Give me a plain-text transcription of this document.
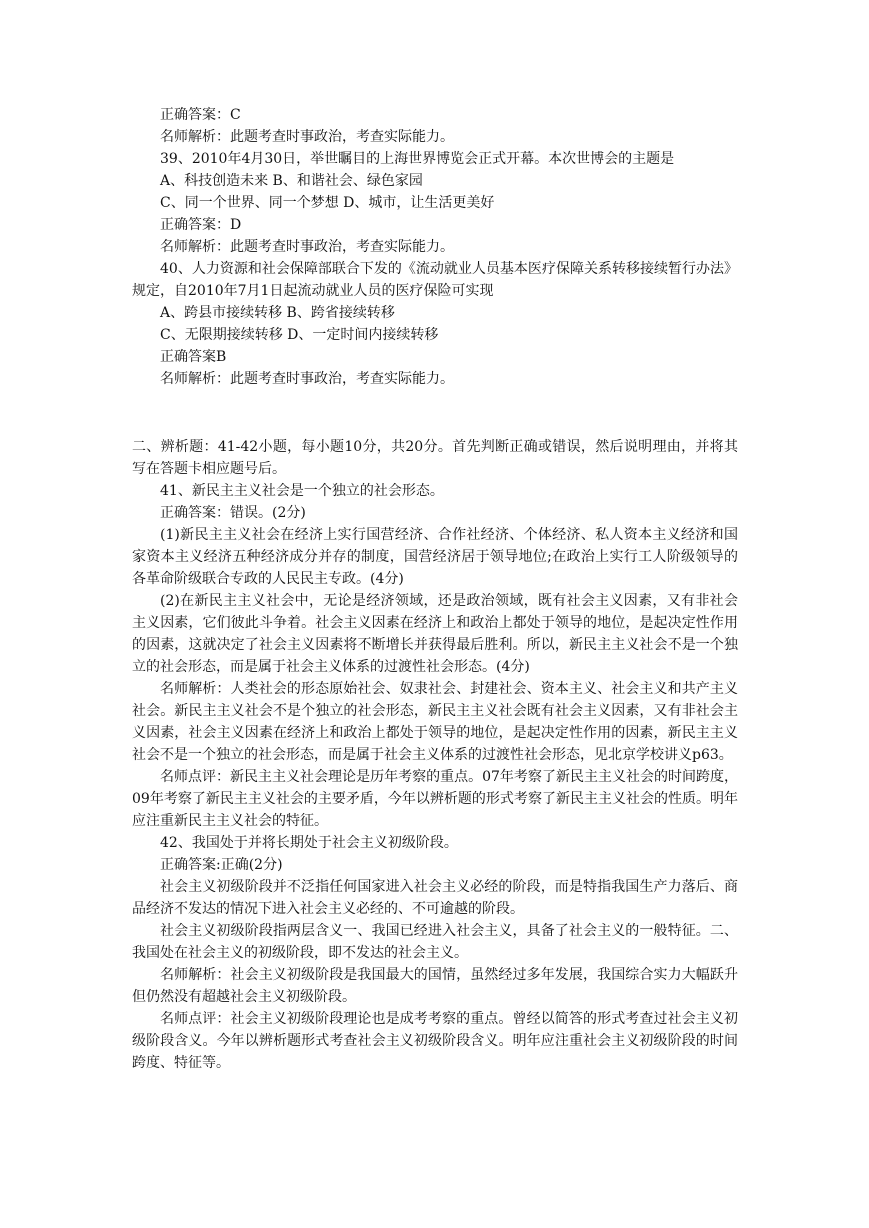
正确答案：C

名师解析：此题考查时事政治，考查实际能力。

39、2010年4月30日，举世瞩目的上海世界博览会正式开幕。本次世博会的主题是

A、科技创造未来 B、和谐社会、绿色家园

C、同一个世界、同一个梦想 D、城市，让生活更美好

正确答案：D

名师解析：此题考查时事政治，考查实际能力。

40、人力资源和社会保障部联合下发的《流动就业人员基本医疗保障关系转移接续暂行办法》规定，自2010年7月1日起流动就业人员的医疗保险可实现

A、跨县市接续转移 B、跨省接续转移

C、无限期接续转移 D、一定时间内接续转移

正确答案B

名师解析：此题考查时事政治，考查实际能力。

二、辨析题：41-42小题，每小题10分，共20分。首先判断正确或错误，然后说明理由，并将其写在答题卡相应题号后。

41、新民主主义社会是一个独立的社会形态。

正确答案：错误。(2分)

(1)新民主主义社会在经济上实行国营经济、合作社经济、个体经济、私人资本主义经济和国家资本主义经济五种经济成分并存的制度，国营经济居于领导地位;在政治上实行工人阶级领导的各革命阶级联合专政的人民民主专政。(4分)

(2)在新民主主义社会中，无论是经济领域，还是政治领域，既有社会主义因素，又有非社会主义因素，它们彼此斗争着。社会主义因素在经济上和政治上都处于领导的地位，是起决定性作用的因素，这就决定了社会主义因素将不断增长并获得最后胜利。所以，新民主主义社会不是一个独立的社会形态，而是属于社会主义体系的过渡性社会形态。(4分)

名师解析：人类社会的形态原始社会、奴隶社会、封建社会、资本主义、社会主义和共产主义社会。新民主主义社会不是个独立的社会形态，新民主主义社会既有社会主义因素，又有非社会主义因素，社会主义因素在经济上和政治上都处于领导的地位，是起决定性作用的因素，新民主主义社会不是一个独立的社会形态，而是属于社会主义体系的过渡性社会形态，见北京学校讲义p63。

名师点评：新民主主义社会理论是历年考察的重点。07年考察了新民主主义社会的时间跨度，09年考察了新民主主义社会的主要矛盾，今年以辨析题的形式考察了新民主主义社会的性质。明年应注重新民主主义社会的特征。

42、我国处于并将长期处于社会主义初级阶段。

正确答案:正确(2分)

社会主义初级阶段并不泛指任何国家进入社会主义必经的阶段，而是特指我国生产力落后、商品经济不发达的情况下进入社会主义必经的、不可逾越的阶段。

社会主义初级阶段指两层含义一、我国已经进入社会主义，具备了社会主义的一般特征。二、我国处在社会主义的初级阶段，即不发达的社会主义。

名师解析：社会主义初级阶段是我国最大的国情，虽然经过多年发展，我国综合实力大幅跃升但仍然没有超越社会主义初级阶段。

名师点评：社会主义初级阶段理论也是成考考察的重点。曾经以简答的形式考查过社会主义初级阶段含义。今年以辨析题形式考查社会主义初级阶段含义。明年应注重社会主义初级阶段的时间跨度、特征等。
